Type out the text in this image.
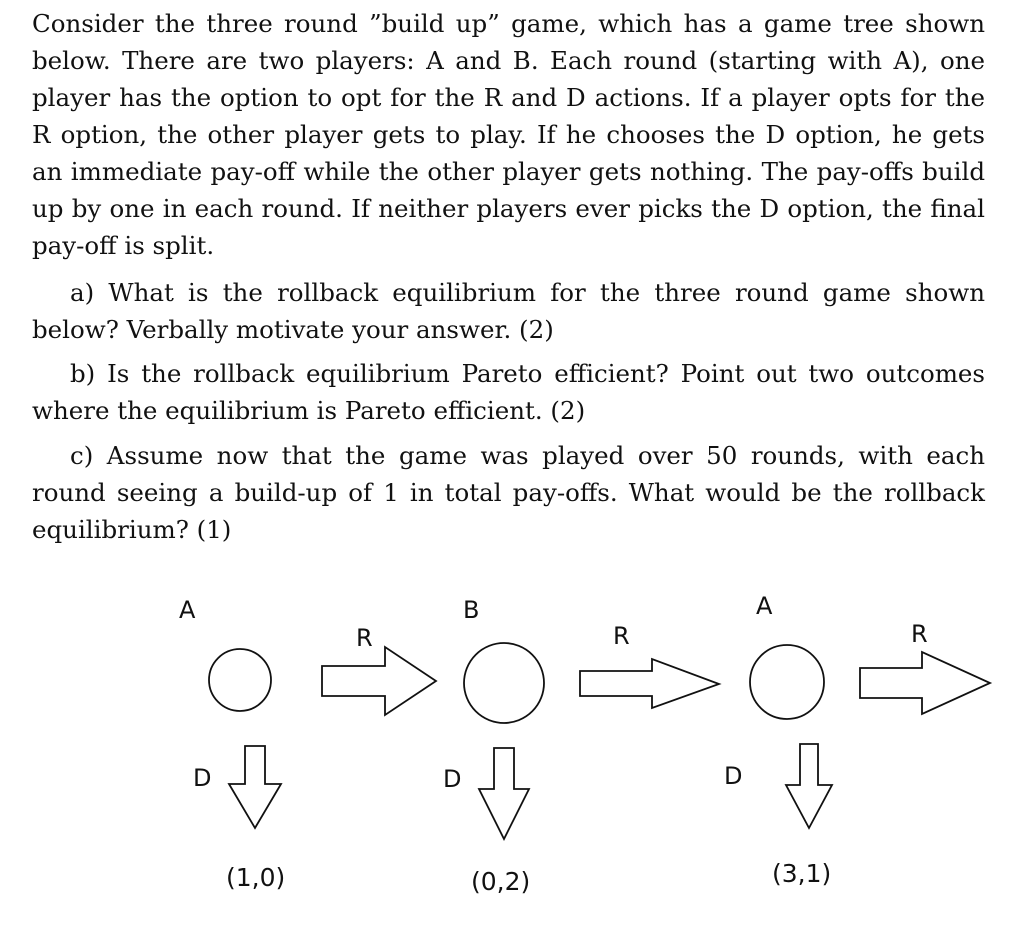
Consider the three round ”build up” game, which has a game tree shown below. There are two players: A and B. Each round (starting with A), one player has the option to opt for the R and D actions. If a player opts for the R option, the other player gets to play. If he chooses the D option, he gets an immediate pay-off while the other player gets nothing. The pay-offs build up by one in each round. If neither players ever picks the D option, the final pay-off is split.

a) What is the rollback equilibrium for the three round game shown below? Verbally motivate your answer. (2)

b) Is the rollback equilibrium Pareto efficient? Point out two outcomes where the equilibrium is Pareto efficient. (2)

c) Assume now that the game was played over 50 rounds, with each round seeing a build-up of 1 in total pay-offs. What would be the rollback equilibrium? (1)

A
R
D
(1,0)
B
R
D
(0,2)
A
R
D
(3,1)
